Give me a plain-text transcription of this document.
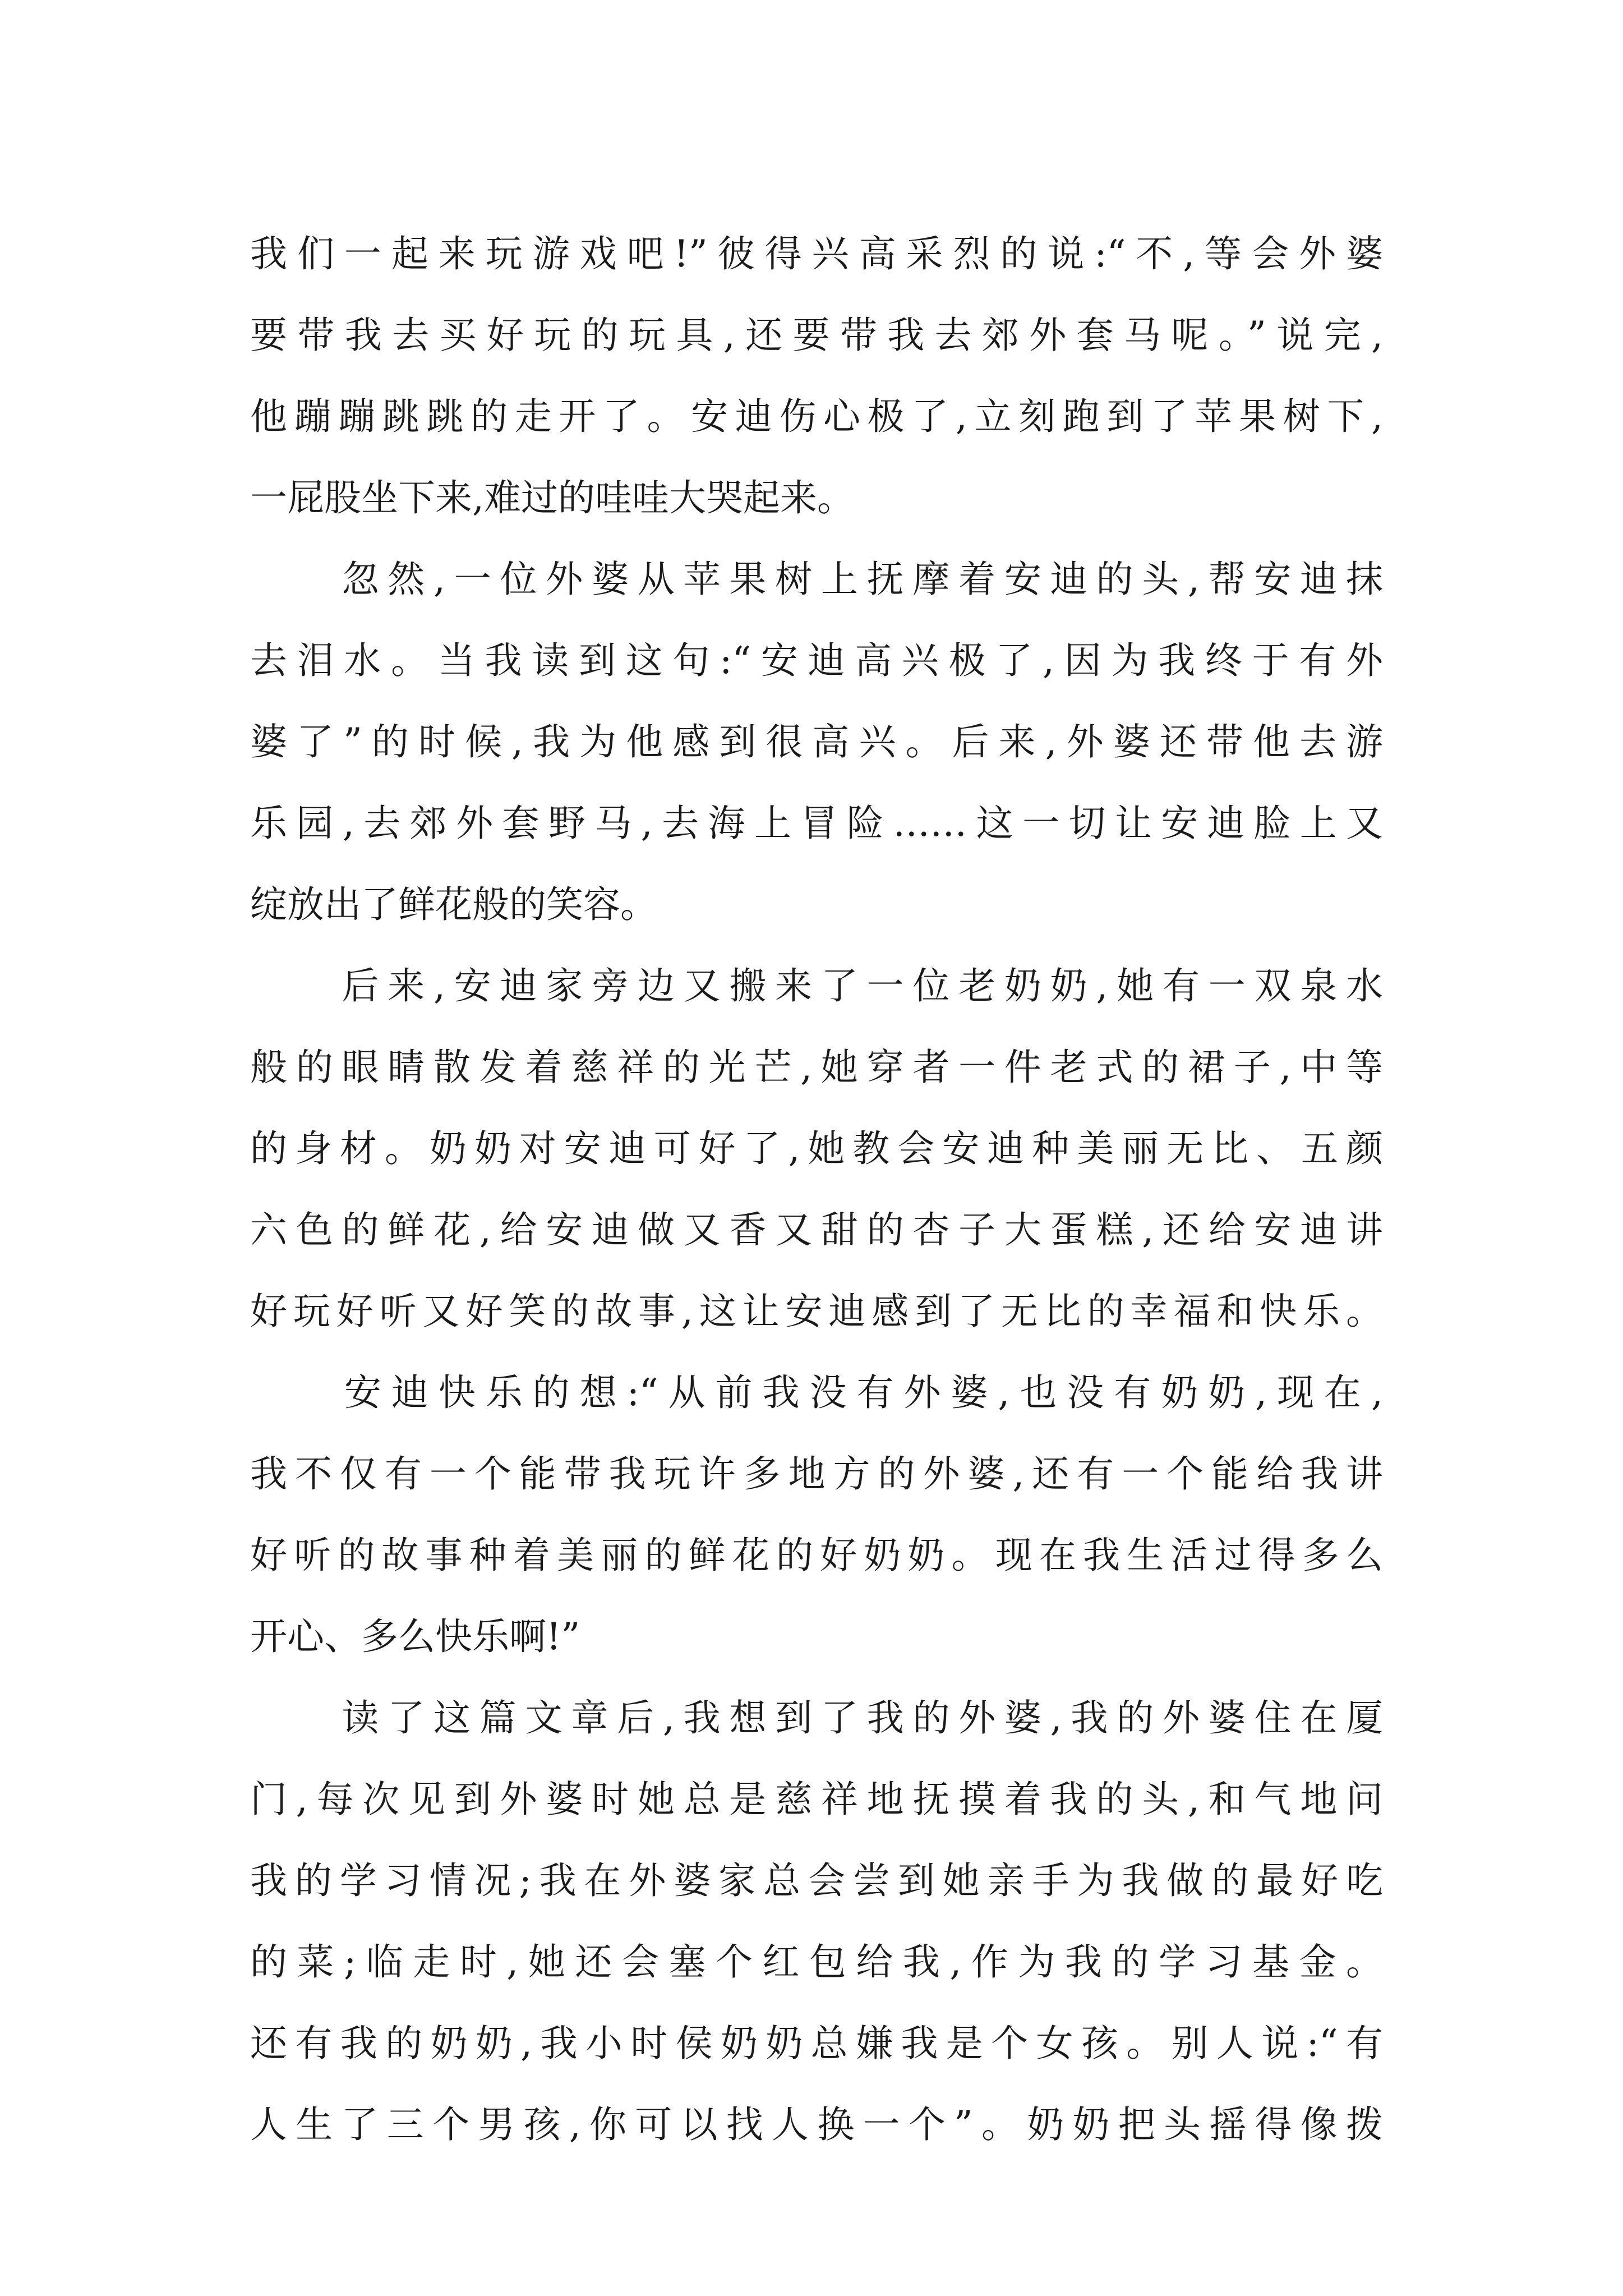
我们一起来玩游戏吧!”彼得兴高采烈的说:“不,等会外婆
要带我去买好玩的玩具,还要带我去郊外套马呢。”说完,
他蹦蹦跳跳的走开了。安迪伤心极了,立刻跑到了苹果树下,
一屁股坐下来,难过的哇哇大哭起来。
　　忽然,一位外婆从苹果树上抚摩着安迪的头,帮安迪抹
去泪水。当我读到这句:“安迪高兴极了,因为我终于有外
婆了”的时候,我为他感到很高兴。后来,外婆还带他去游
乐园,去郊外套野马,去海上冒险……这一切让安迪脸上又
绽放出了鲜花般的笑容。
　　后来,安迪家旁边又搬来了一位老奶奶,她有一双泉水
般的眼睛散发着慈祥的光芒,她穿者一件老式的裙子,中等
的身材。奶奶对安迪可好了,她教会安迪种美丽无比、五颜
六色的鲜花,给安迪做又香又甜的杏子大蛋糕,还给安迪讲
好玩好听又好笑的故事,这让安迪感到了无比的幸福和快乐。
　　安迪快乐的想:“从前我没有外婆,也没有奶奶,现在,
我不仅有一个能带我玩许多地方的外婆,还有一个能给我讲
好听的故事种着美丽的鲜花的好奶奶。现在我生活过得多么
开心、多么快乐啊!”
　　读了这篇文章后,我想到了我的外婆,我的外婆住在厦
门,每次见到外婆时她总是慈祥地抚摸着我的头,和气地问
我的学习情况;我在外婆家总会尝到她亲手为我做的最好吃
的菜;临走时,她还会塞个红包给我,作为我的学习基金。
还有我的奶奶,我小时侯奶奶总嫌我是个女孩。别人说:“有
人生了三个男孩,你可以找人换一个”。奶奶把头摇得像拨
